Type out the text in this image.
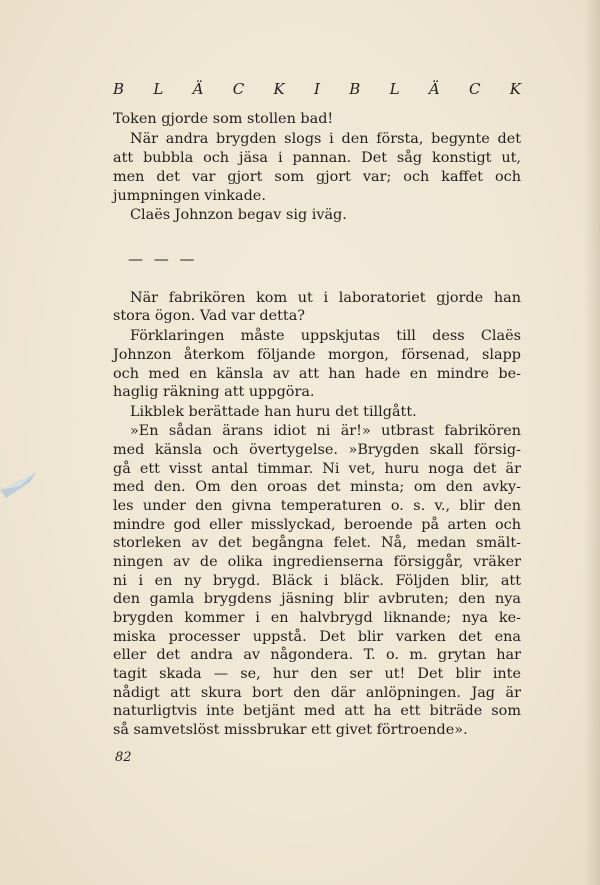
B L Ä C K I B L Ä C K
Token gjorde som stollen bad!
När andra brygden slogs i den första, begynte det
att bubbla och jäsa i pannan. Det såg konstigt ut,
men det var gjort som gjort var; och kaffet och
jumpningen vinkade.
Claës Johnzon begav sig iväg.
— — —
När fabrikören kom ut i laboratoriet gjorde han
stora ögon. Vad var detta?
Förklaringen måste uppskjutas till dess Claës
Johnzon återkom följande morgon, försenad, slapp
och med en känsla av att han hade en mindre be-
haglig räkning att uppgöra.
Likblek berättade han huru det tillgått.
»En sådan ärans idiot ni är!» utbrast fabrikören
med känsla och övertygelse. »Brygden skall försig-
gå ett visst antal timmar. Ni vet, huru noga det är
med den. Om den oroas det minsta; om den avky-
les under den givna temperaturen o. s. v., blir den
mindre god eller misslyckad, beroende på arten och
storleken av det begångna felet. Nå, medan smält-
ningen av de olika ingredienserna försiggår, vräker
ni i en ny brygd. Bläck i bläck. Följden blir, att
den gamla brygdens jäsning blir avbruten; den nya
brygden kommer i en halvbrygd liknande; nya ke-
miska processer uppstå. Det blir varken det ena
eller det andra av någondera. T. o. m. grytan har
tagit skada — se, hur den ser ut! Det blir inte
nådigt att skura bort den där anlöpningen. Jag är
naturligtvis inte betjänt med att ha ett biträde som
så samvetslöst missbrukar ett givet förtroende».
82
